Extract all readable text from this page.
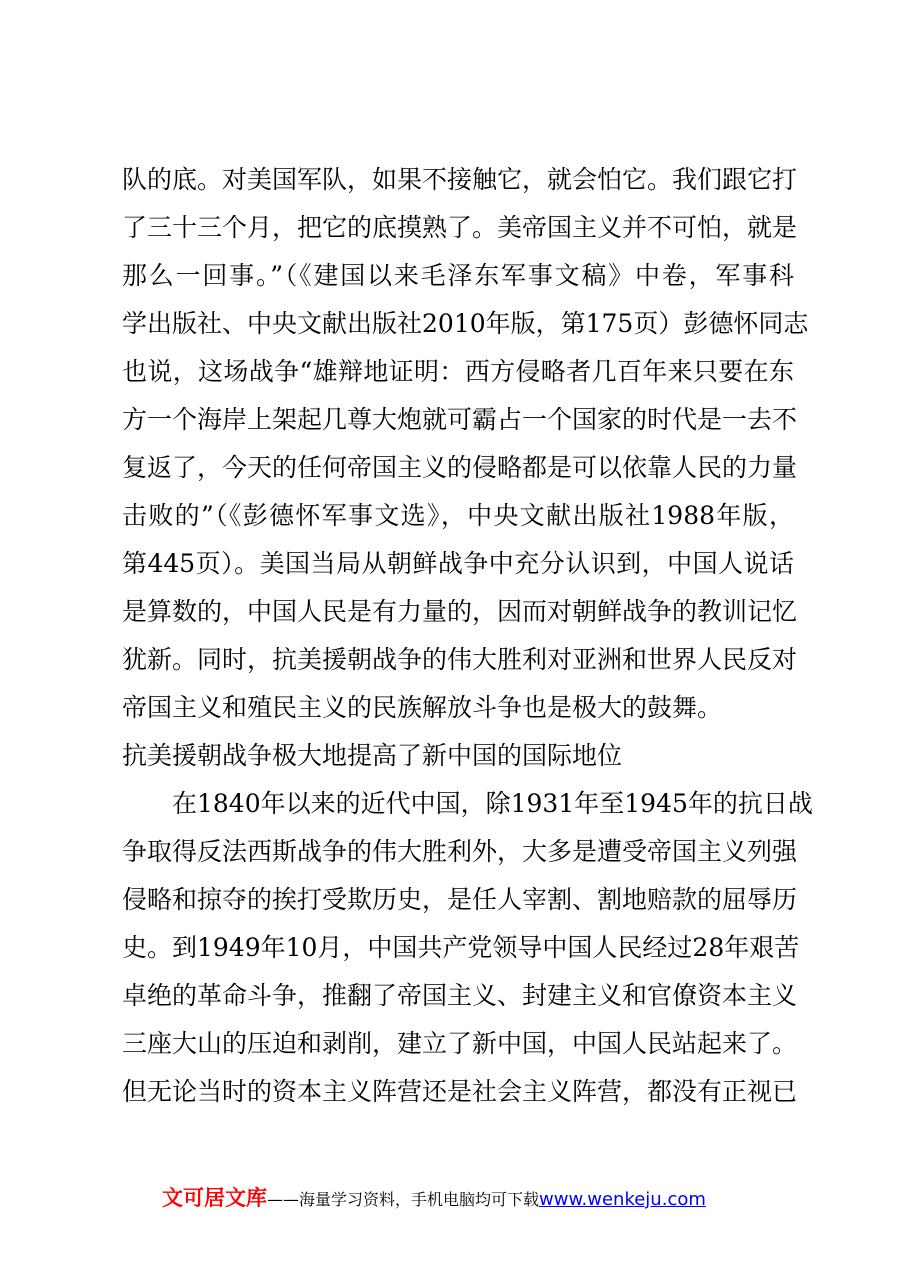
队的底。对美国军队，如果不接触它，就会怕它。我们跟它打
了三十三个月，把它的底摸熟了。美帝国主义并不可怕，就是
那么一回事。”（《建国以来毛泽东军事文稿》中卷，军事科
学出版社、中央文献出版社2010年版，第175页）彭德怀同志
也说，这场战争“雄辩地证明：西方侵略者几百年来只要在东
方一个海岸上架起几尊大炮就可霸占一个国家的时代是一去不
复返了，今天的任何帝国主义的侵略都是可以依靠人民的力量
击败的”（《彭德怀军事文选》，中央文献出版社1988年版，
第445页）。美国当局从朝鲜战争中充分认识到，中国人说话
是算数的，中国人民是有力量的，因而对朝鲜战争的教训记忆
犹新。同时，抗美援朝战争的伟大胜利对亚洲和世界人民反对
帝国主义和殖民主义的民族解放斗争也是极大的鼓舞。
抗美援朝战争极大地提高了新中国的国际地位
在1840年以来的近代中国，除1931年至1945年的抗日战
争取得反法西斯战争的伟大胜利外，大多是遭受帝国主义列强
侵略和掠夺的挨打受欺历史，是任人宰割、割地赔款的屈辱历
史。到1949年10月，中国共产党领导中国人民经过28年艰苦
卓绝的革命斗争，推翻了帝国主义、封建主义和官僚资本主义
三座大山的压迫和剥削，建立了新中国，中国人民站起来了。
但无论当时的资本主义阵营还是社会主义阵营，都没有正视已
文可居文库——海量学习资料，手机电脑均可下载www.wenkeju.com
